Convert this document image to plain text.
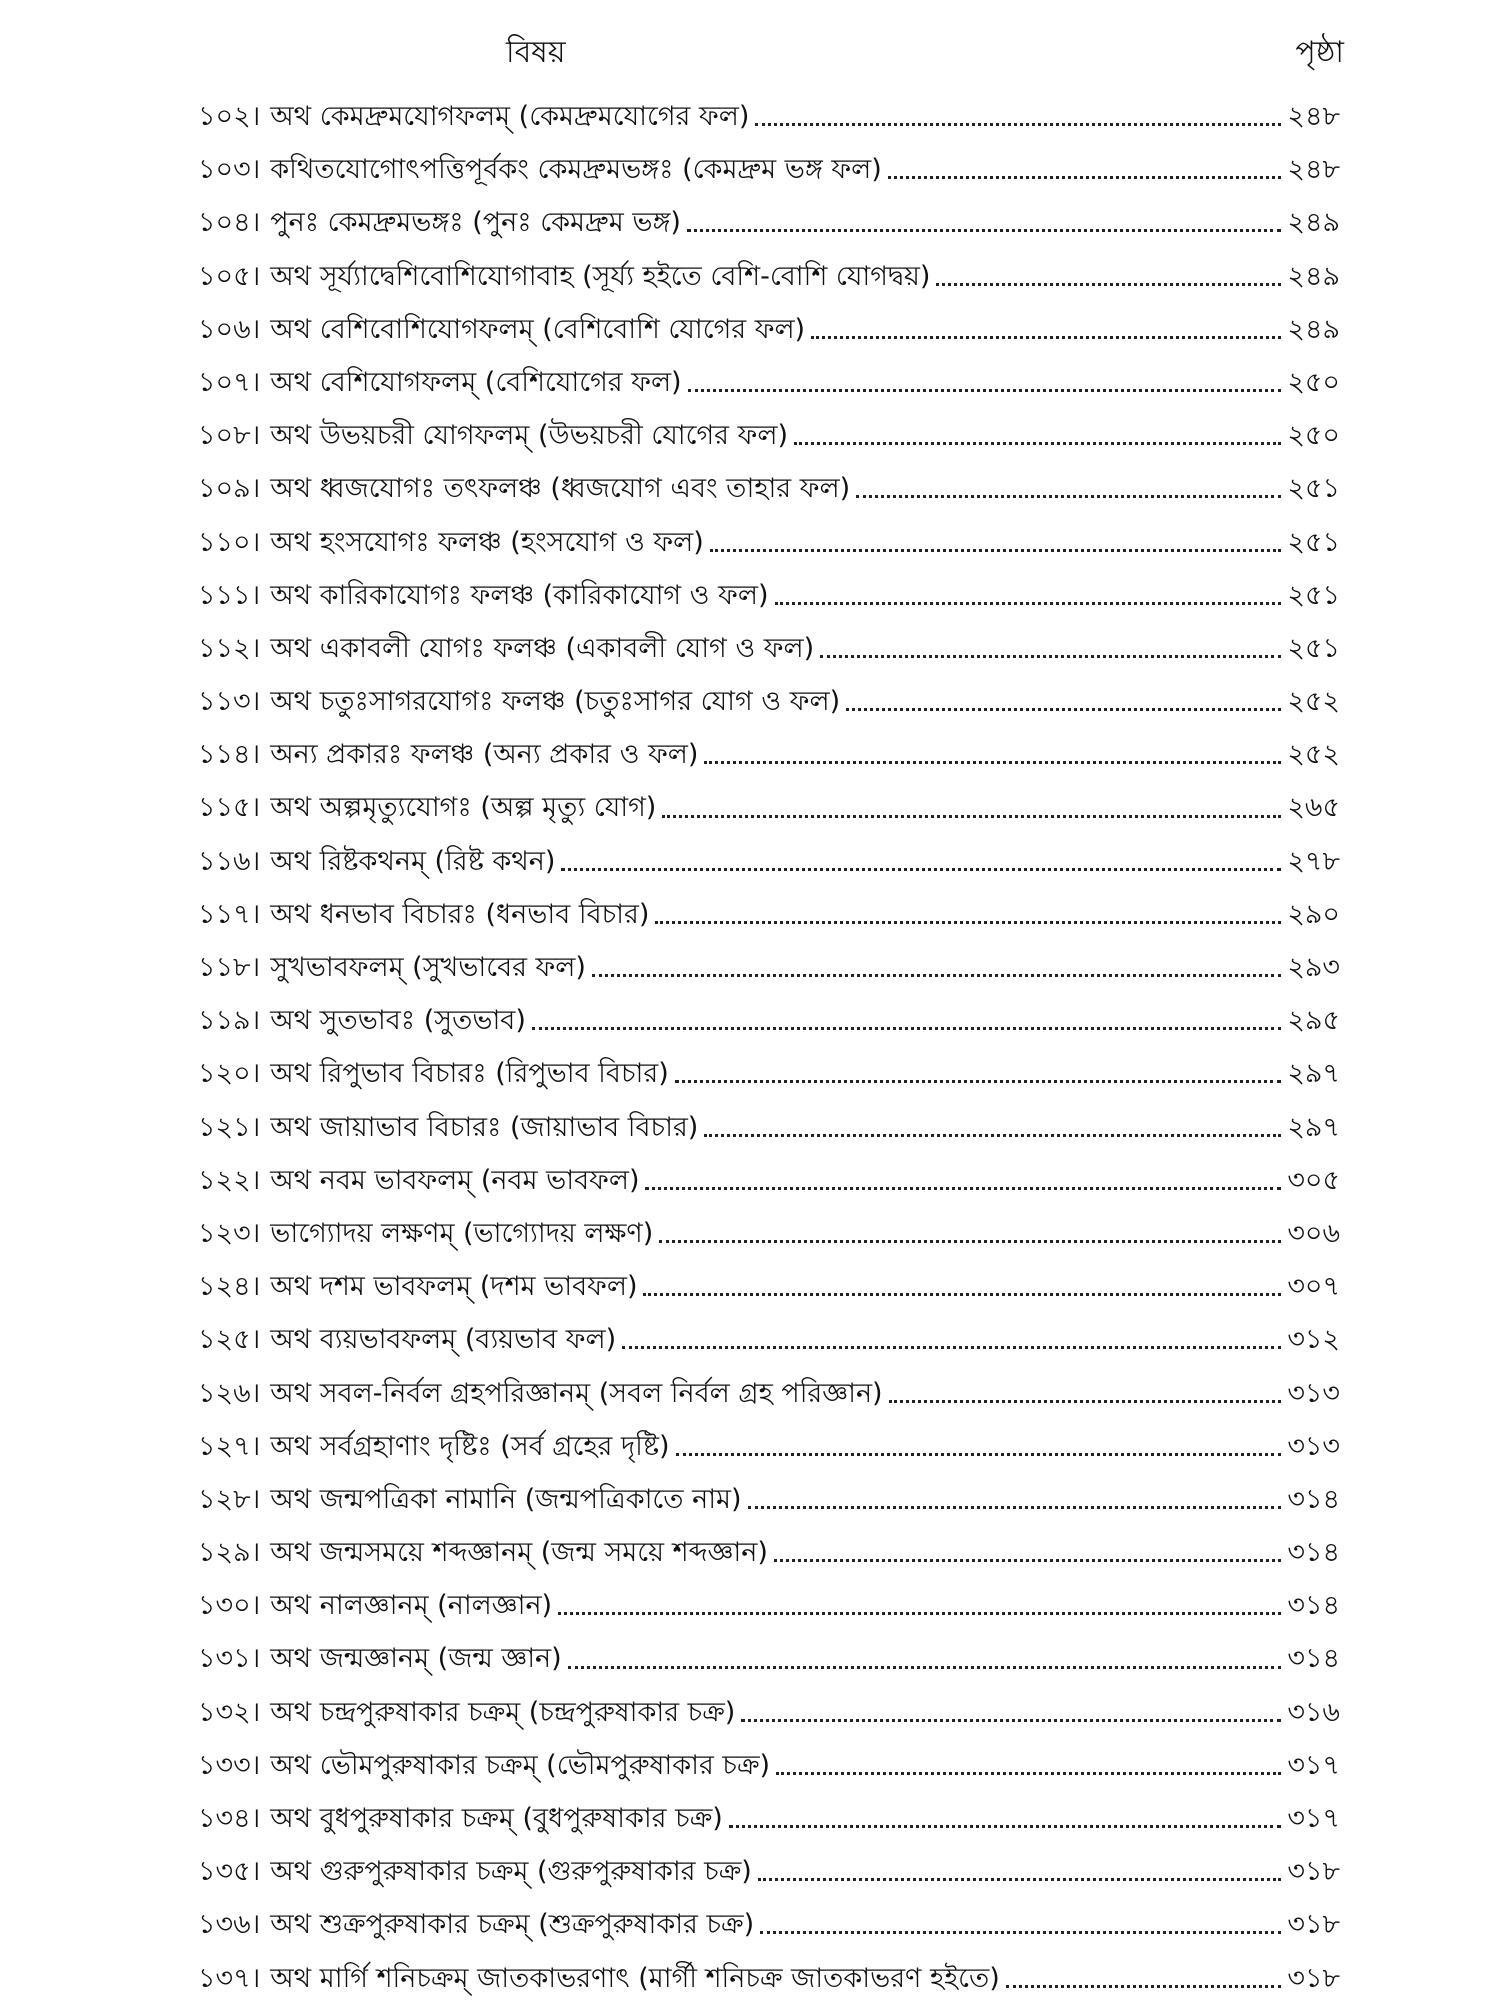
বিষয়	পৃষ্ঠা
১০২। অথ কেমদ্রুমযোগফলম্ (কেমদ্রুমযোগের ফল)	২৪৮
১০৩। কথিতযোগোৎপত্তিপূর্বকং কেমদ্রুমভঙ্গঃ (কেমদ্রুম ভঙ্গ ফল)	২৪৮
১০৪। পুনঃ কেমদ্রুমভঙ্গঃ (পুনঃ কেমদ্রুম ভঙ্গ)	২৪৯
১০৫। অথ সূর্য্যাদ্বেশিবোশিযোগাবাহ (সূর্য্য হইতে বেশি-বোশি যোগদ্বয়)	২৪৯
১০৬। অথ বেশিবোশিযোগফলম্ (বেশিবোশি যোগের ফল)	২৪৯
১০৭। অথ বেশিযোগফলম্ (বেশিযোগের ফল)	২৫০
১০৮। অথ উভয়চরী যোগফলম্ (উভয়চরী যোগের ফল)	২৫০
১০৯। অথ ধ্বজযোগঃ তৎফলঞ্চ (ধ্বজযোগ এবং তাহার ফল)	২৫১
১১০। অথ হংসযোগঃ ফলঞ্চ (হংসযোগ ও ফল)	২৫১
১১১। অথ কারিকাযোগঃ ফলঞ্চ (কারিকাযোগ ও ফল)	২৫১
১১২। অথ একাবলী যোগঃ ফলঞ্চ (একাবলী যোগ ও ফল)	২৫১
১১৩। অথ চতুঃসাগরযোগঃ ফলঞ্চ (চতুঃসাগর যোগ ও ফল)	২৫২
১১৪। অন্য প্রকারঃ ফলঞ্চ (অন্য প্রকার ও ফল)	২৫২
১১৫। অথ অল্পমৃত্যুযোগঃ (অল্প মৃত্যু যোগ)	২৬৫
১১৬। অথ রিষ্টকথনম্ (রিষ্ট কথন)	২৭৮
১১৭। অথ ধনভাব বিচারঃ (ধনভাব বিচার)	২৯০
১১৮। সুখভাবফলম্ (সুখভাবের ফল)	২৯৩
১১৯। অথ সুতভাবঃ (সুতভাব)	২৯৫
১২০। অথ রিপুভাব বিচারঃ (রিপুভাব বিচার)	২৯৭
১২১। অথ জায়াভাব বিচারঃ (জায়াভাব বিচার)	২৯৭
১২২। অথ নবম ভাবফলম্ (নবম ভাবফল)	৩০৫
১২৩। ভাগ্যোদয় লক্ষণম্ (ভাগ্যোদয় লক্ষণ)	৩০৬
১২৪। অথ দশম ভাবফলম্ (দশম ভাবফল)	৩০৭
১২৫। অথ ব্যয়ভাবফলম্ (ব্যয়ভাব ফল)	৩১২
১২৬। অথ সবল-নির্বল গ্রহপরিজ্ঞানম্ (সবল নির্বল গ্রহ পরিজ্ঞান)	৩১৩
১২৭। অথ সর্বগ্রহাণাং দৃষ্টিঃ (সর্ব গ্রহের দৃষ্টি)	৩১৩
১২৮। অথ জন্মপত্রিকা নামানি (জন্মপত্রিকাতে নাম)	৩১৪
১২৯। অথ জন্মসময়ে শব্দজ্ঞানম্ (জন্ম সময়ে শব্দজ্ঞান)	৩১৪
১৩০। অথ নালজ্ঞানম্ (নালজ্ঞান)	৩১৪
১৩১। অথ জন্মজ্ঞানম্ (জন্ম জ্ঞান)	৩১৪
১৩২। অথ চন্দ্রপুরুষাকার চক্রম্ (চন্দ্রপুরুষাকার চক্র)	৩১৬
১৩৩। অথ ভৌমপুরুষাকার চক্রম্ (ভৌমপুরুষাকার চক্র)	৩১৭
১৩৪। অথ বুধপুরুষাকার চক্রম্ (বুধপুরুষাকার চক্র)	৩১৭
১৩৫। অথ গুরুপুরুষাকার চক্রম্ (গুরুপুরুষাকার চক্র)	৩১৮
১৩৬। অথ শুক্রপুরুষাকার চক্রম্ (শুক্রপুরুষাকার চক্র)	৩১৮
১৩৭। অথ মার্গি শনিচক্রম্ জাতকাভরণাৎ (মার্গী শনিচক্র জাতকাভরণ হইতে)	৩১৮
